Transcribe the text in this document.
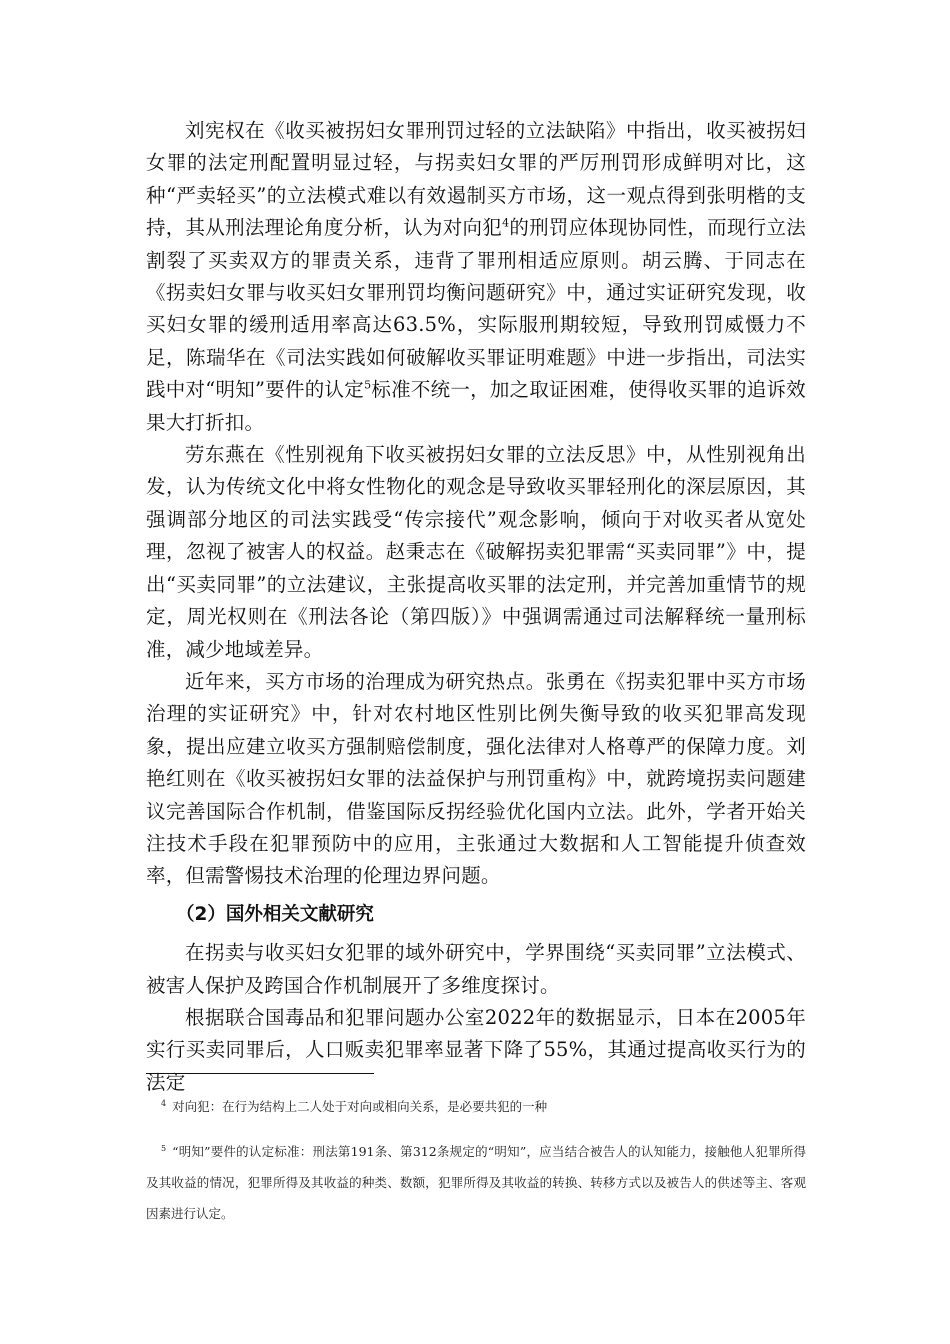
刘宪权在《收买被拐妇女罪刑罚过轻的立法缺陷》中指出，收买被拐妇女罪的法定刑配置明显过轻，与拐卖妇女罪的严厉刑罚形成鲜明对比，这种“严卖轻买”的立法模式难以有效遏制买方市场，这一观点得到张明楷的支持，其从刑法理论角度分析，认为对向犯$^4$的刑罚应体现协同性，而现行立法割裂了买卖双方的罪责关系，违背了罪刑相适应原则。胡云腾、于同志在《拐卖妇女罪与收买妇女罪刑罚均衡问题研究》中，通过实证研究发现，收买妇女罪的缓刑适用率高达63.5%，实际服刑期较短，导致刑罚威慑力不足，陈瑞华在《司法实践如何破解收买罪证明难题》中进一步指出，司法实践中对“明知”要件的认定$^5$标准不统一，加之取证困难，使得收买罪的追诉效果大打折扣。

劳东燕在《性别视角下收买被拐妇女罪的立法反思》中，从性别视角出发，认为传统文化中将女性物化的观念是导致收买罪轻刑化的深层原因，其强调部分地区的司法实践受“传宗接代”观念影响，倾向于对收买者从宽处理，忽视了被害人的权益。赵秉志在《破解拐卖犯罪需“买卖同罪”》中，提出“买卖同罪”的立法建议，主张提高收买罪的法定刑，并完善加重情节的规定，周光权则在《刑法各论（第四版）》中强调需通过司法解释统一量刑标准，减少地域差异。

近年来，买方市场的治理成为研究热点。张勇在《拐卖犯罪中买方市场治理的实证研究》中，针对农村地区性别比例失衡导致的收买犯罪高发现象，提出应建立收买方强制赔偿制度，强化法律对人格尊严的保障力度。刘艳红则在《收买被拐妇女罪的法益保护与刑罚重构》中，就跨境拐卖问题建议完善国际合作机制，借鉴国际反拐经验优化国内立法。此外，学者开始关注技术手段在犯罪预防中的应用，主张通过大数据和人工智能提升侦查效率，但需警惕技术治理的伦理边界问题。

（2）国外相关文献研究

在拐卖与收买妇女犯罪的域外研究中，学界围绕“买卖同罪”立法模式、被害人保护及跨国合作机制展开了多维度探讨。

根据联合国毒品和犯罪问题办公室2022年的数据显示，日本在2005年实行买卖同罪后，人口贩卖犯罪率显著下降了55%，其通过提高收买行为的法定

$^4$ 对向犯：在行为结构上二人处于对向或相向关系，是必要共犯的一种

$^5$ “明知”要件的认定标准：刑法第191条、第312条规定的“明知”，应当结合被告人的认知能力，接触他人犯罪所得及其收益的情况，犯罪所得及其收益的种类、数额，犯罪所得及其收益的转换、转移方式以及被告人的供述等主、客观因素进行认定。
